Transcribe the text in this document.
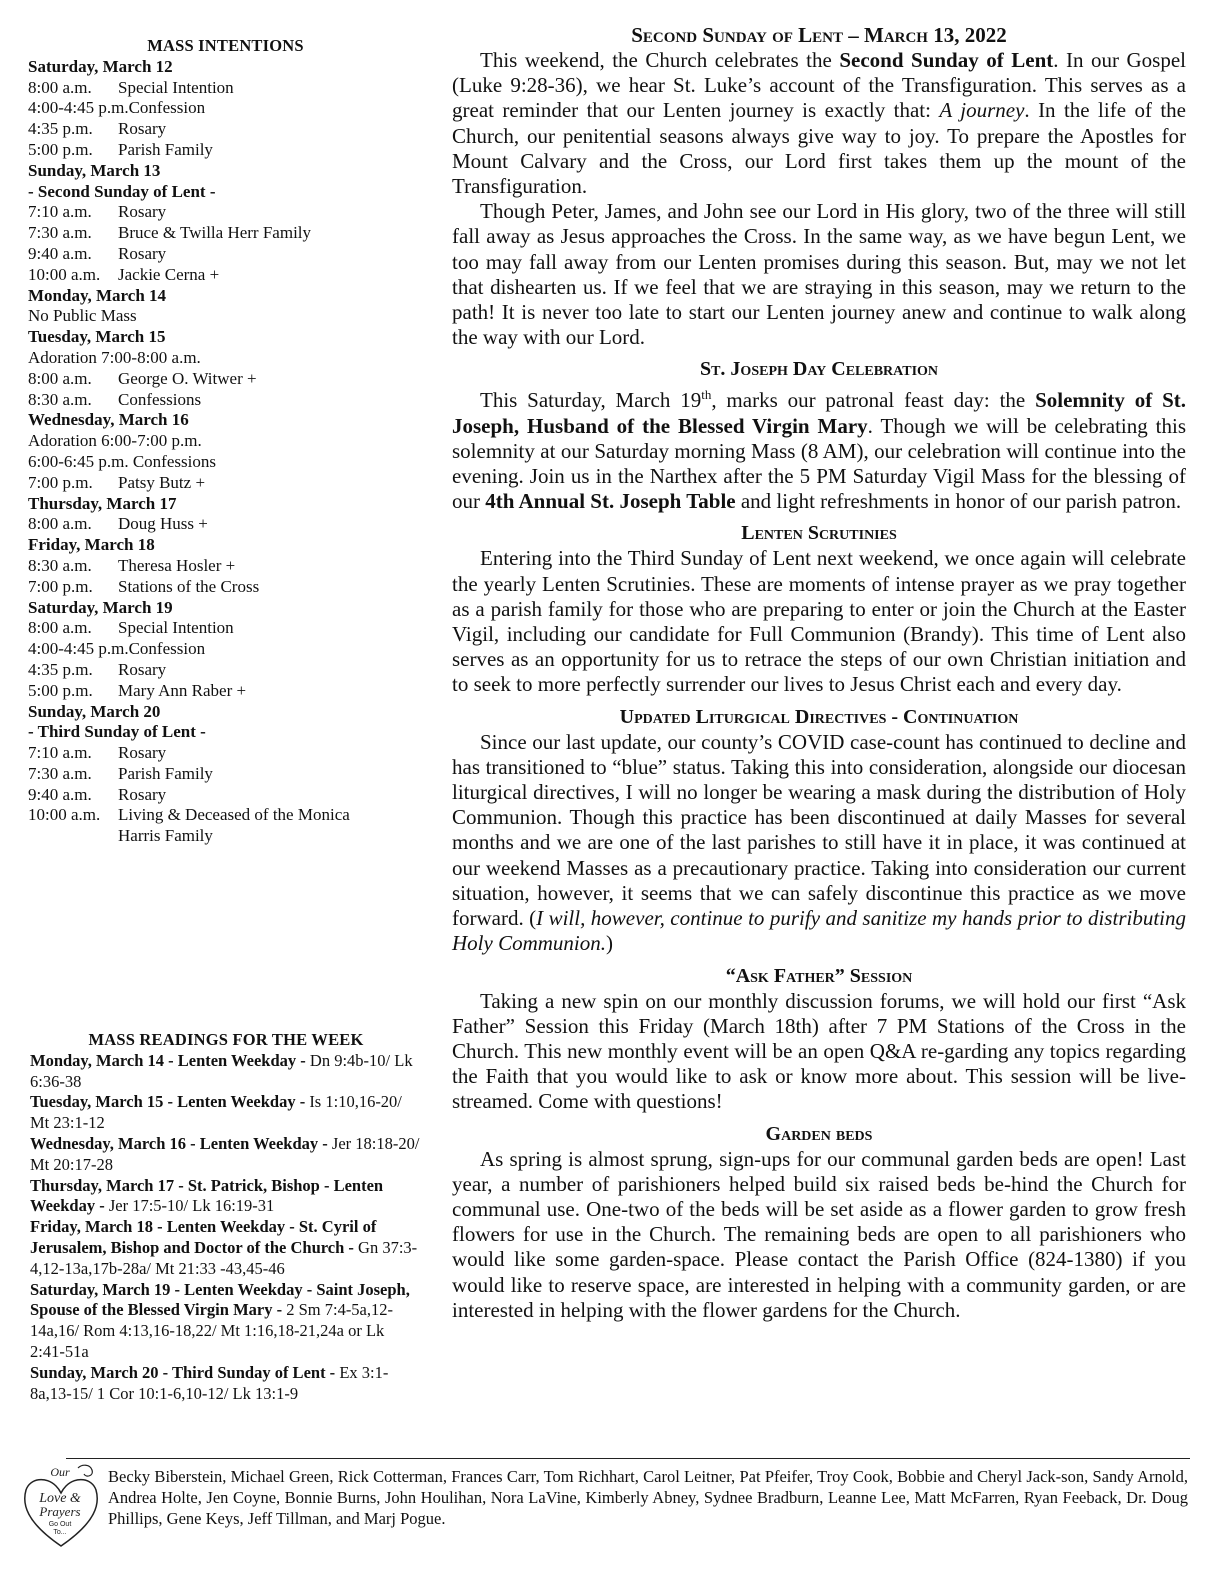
MASS INTENTIONS
Saturday, March 12
8:00 a.m. Special Intention
4:00-4:45 p.m.Confession
4:35 p.m. Rosary
5:00 p.m. Parish Family
Sunday, March 13
- Second Sunday of Lent -
7:10 a.m. Rosary
7:30 a.m. Bruce & Twilla Herr Family
9:40 a.m. Rosary
10:00 a.m. Jackie Cerna +
Monday, March 14
No Public Mass
Tuesday, March 15
Adoration 7:00-8:00 a.m.
8:00 a.m. George O. Witwer +
8:30 a.m. Confessions
Wednesday, March 16
Adoration 6:00-7:00 p.m.
6:00-6:45 p.m. Confessions
7:00 p.m. Patsy Butz +
Thursday, March 17
8:00 a.m. Doug Huss +
Friday, March 18
8:30 a.m. Theresa Hosler +
7:00 p.m. Stations of the Cross
Saturday, March 19
8:00 a.m. Special Intention
4:00-4:45 p.m.Confession
4:35 p.m. Rosary
5:00 p.m. Mary Ann Raber +
Sunday, March 20
- Third Sunday of Lent -
7:10 a.m. Rosary
7:30 a.m. Parish Family
9:40 a.m. Rosary
10:00 a.m. Living & Deceased of the Monica
Harris Family
MASS READINGS FOR THE WEEK
Monday, March 14 - Lenten Weekday - Dn 9:4b-10/ Lk 6:36-38
Tuesday, March 15 - Lenten Weekday - Is 1:10,16-20/ Mt 23:1-12
Wednesday, March 16 - Lenten Weekday - Jer 18:18-20/ Mt 20:17-28
Thursday, March 17 - St. Patrick, Bishop - Lenten Weekday - Jer 17:5-10/ Lk 16:19-31
Friday, March 18 - Lenten Weekday - St. Cyril of Jerusalem, Bishop and Doctor of the Church - Gn 37:3-4,12-13a,17b-28a/ Mt 21:33 -43,45-46
Saturday, March 19 - Lenten Weekday - Saint Joseph, Spouse of the Blessed Virgin Mary - 2 Sm 7:4-5a,12-14a,16/ Rom 4:13,16-18,22/ Mt 1:16,18-21,24a or Lk 2:41-51a
Sunday, March 20 - Third Sunday of Lent - Ex 3:1-8a,13-15/ 1 Cor 10:1-6,10-12/ Lk 13:1-9
Second Sunday of Lent – March 13, 2022

This weekend, the Church celebrates the Second Sunday of Lent. In our Gospel (Luke 9:28-36), we hear St. Luke’s account of the Transfiguration. This serves as a great reminder that our Lenten journey is exactly that: A journey. In the life of the Church, our penitential seasons always give way to joy. To prepare the Apostles for Mount Calvary and the Cross, our Lord first takes them up the mount of the Transfiguration.

Though Peter, James, and John see our Lord in His glory, two of the three will still fall away as Jesus approaches the Cross. In the same way, as we have begun Lent, we too may fall away from our Lenten promises during this season. But, may we not let that dishearten us. If we feel that we are straying in this season, may we return to the path! It is never too late to start our Lenten journey anew and continue to walk along the way with our Lord.

St. Joseph Day Celebration

This Saturday, March 19th, marks our patronal feast day: the Solemnity of St. Joseph, Husband of the Blessed Virgin Mary. Though we will be celebrating this solemnity at our Saturday morning Mass (8 AM), our celebration will continue into the evening. Join us in the Narthex after the 5 PM Saturday Vigil Mass for the blessing of our 4th Annual St. Joseph Table and light refreshments in honor of our parish patron.

Lenten Scrutinies

Entering into the Third Sunday of Lent next weekend, we once again will celebrate the yearly Lenten Scrutinies. These are moments of intense prayer as we pray together as a parish family for those who are preparing to enter or join the Church at the Easter Vigil, including our candidate for Full Communion (Brandy). This time of Lent also serves as an opportunity for us to retrace the steps of our own Christian initiation and to seek to more perfectly surrender our lives to Jesus Christ each and every day.

Updated Liturgical Directives - Continuation

Since our last update, our county’s COVID case-count has continued to decline and has transitioned to “blue” status. Taking this into consideration, alongside our diocesan liturgical directives, I will no longer be wearing a mask during the distribution of Holy Communion. Though this practice has been discontinued at daily Masses for several months and we are one of the last parishes to still have it in place, it was continued at our weekend Masses as a precautionary practice. Taking into consideration our current situation, however, it seems that we can safely discontinue this practice as we move forward. (I will, however, continue to purify and sanitize my hands prior to distributing Holy Communion.)

“Ask Father” Session

Taking a new spin on our monthly discussion forums, we will hold our first “Ask Father” Session this Friday (March 18th) after 7 PM Stations of the Cross in the Church. This new monthly event will be an open Q&A re-garding any topics regarding the Faith that you would like to ask or know more about. This session will be live-streamed. Come with questions!

Garden beds

As spring is almost sprung, sign-ups for our communal garden beds are open! Last year, a number of parishioners helped build six raised beds be-hind the Church for communal use. One-two of the beds will be set aside as a flower garden to grow fresh flowers for use in the Church. The remaining beds are open to all parishioners who would like some garden-space. Please contact the Parish Office (824-1380) if you would like to reserve space, are interested in helping with a community garden, or are interested in helping with the flower gardens for the Church.

Our
Love &
Prayers
Go Out
To...
Becky Biberstein, Michael Green, Rick Cotterman, Frances Carr, Tom Richhart, Carol Leitner, Pat Pfeifer, Troy Cook, Bobbie and Cheryl Jack-son, Sandy Arnold, Andrea Holte, Jen Coyne, Bonnie Burns, John Houlihan, Nora LaVine, Kimberly Abney, Sydnee Bradburn, Leanne Lee, Matt McFarren, Ryan Feeback, Dr. Doug Phillips, Gene Keys, Jeff Tillman, and Marj Pogue.
